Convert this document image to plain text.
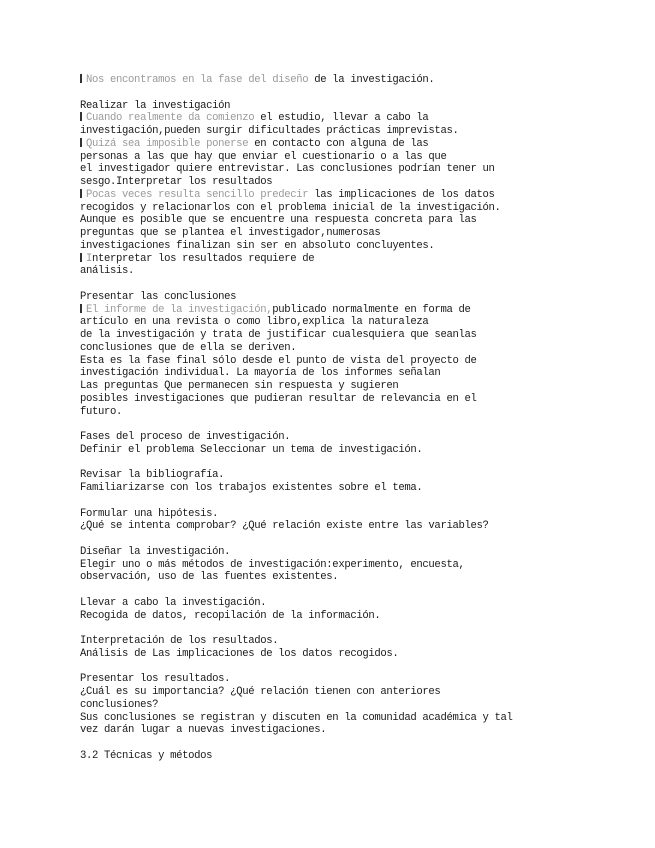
Nos encontramos en la fase del diseño de la investigación.
Realizar la investigación
Cuando realmente da comienzo el estudio, llevar a cabo la
investigación,pueden surgir dificultades prácticas imprevistas.
Quizá sea imposible ponerse en contacto con alguna de las
personas a las que hay que enviar el cuestionario o a las que
el investigador quiere entrevistar. Las conclusiones podrían tener un
sesgo.Interpretar los resultados
Pocas veces resulta sencillo predecir las implicaciones de los datos
recogidos y relacionarlos con el problema inicial de la investigación.
Aunque es posible que se encuentre una respuesta concreta para las
preguntas que se plantea el investigador,numerosas
investigaciones finalizan sin ser en absoluto concluyentes.
Interpretar los resultados requiere de
análisis.
Presentar las conclusiones
El informe de la investigación,publicado normalmente en forma de
artículo en una revista o como libro,explica la naturaleza
de la investigación y trata de justificar cualesquiera que seanlas
conclusiones que de ella se deriven.
Esta es la fase final sólo desde el punto de vista del proyecto de
investigación individual. La mayoría de los informes señalan
Las preguntas Que permanecen sin respuesta y sugieren
posibles investigaciones que pudieran resultar de relevancia en el
futuro.
Fases del proceso de investigación.
Definir el problema Seleccionar un tema de investigación.
Revisar la bibliografía.
Familiarizarse con los trabajos existentes sobre el tema.
Formular una hipótesis.
¿Qué se intenta comprobar? ¿Qué relación existe entre las variables?
Diseñar la investigación.
Elegir uno o más métodos de investigación:experimento, encuesta,
observación, uso de las fuentes existentes.
Llevar a cabo la investigación.
Recogida de datos, recopilación de la información.
Interpretación de los resultados.
Análisis de Las implicaciones de los datos recogidos.
Presentar los resultados.
¿Cuál es su importancia? ¿Qué relación tienen con anteriores
conclusiones?
Sus conclusiones se registran y discuten en la comunidad académica y tal
vez darán lugar a nuevas investigaciones.
3.2 Técnicas y métodos
